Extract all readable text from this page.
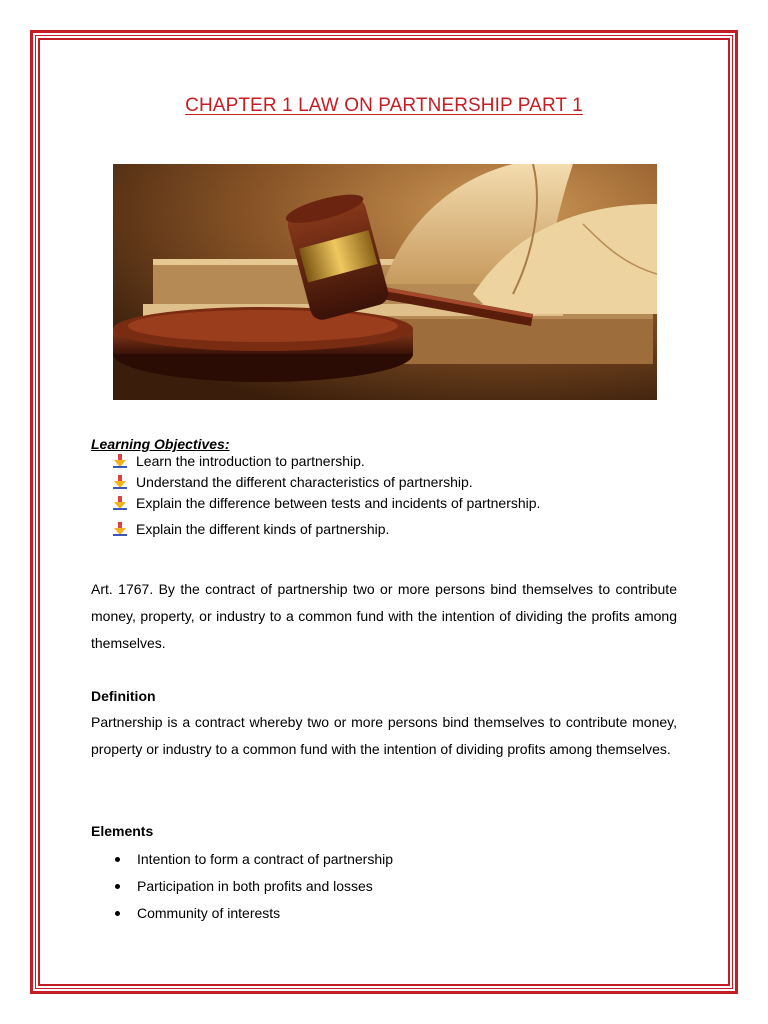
CHAPTER 1 LAW ON PARTNERSHIP PART 1
Learning Objectives:
Learn the introduction to partnership.
Understand the different characteristics of partnership.
Explain the difference between tests and incidents of partnership.
Explain the different kinds of partnership.
Art. 1767. By the contract of partnership two or more persons bind themselves to contribute money, property, or industry to a common fund with the intention of dividing the profits among themselves.
Definition
Partnership is a contract whereby two or more persons bind themselves to contribute money, property or industry to a common fund with the intention of dividing profits among themselves.
Elements
Intention to form a contract of partnership
Participation in both profits and losses
Community of interests
